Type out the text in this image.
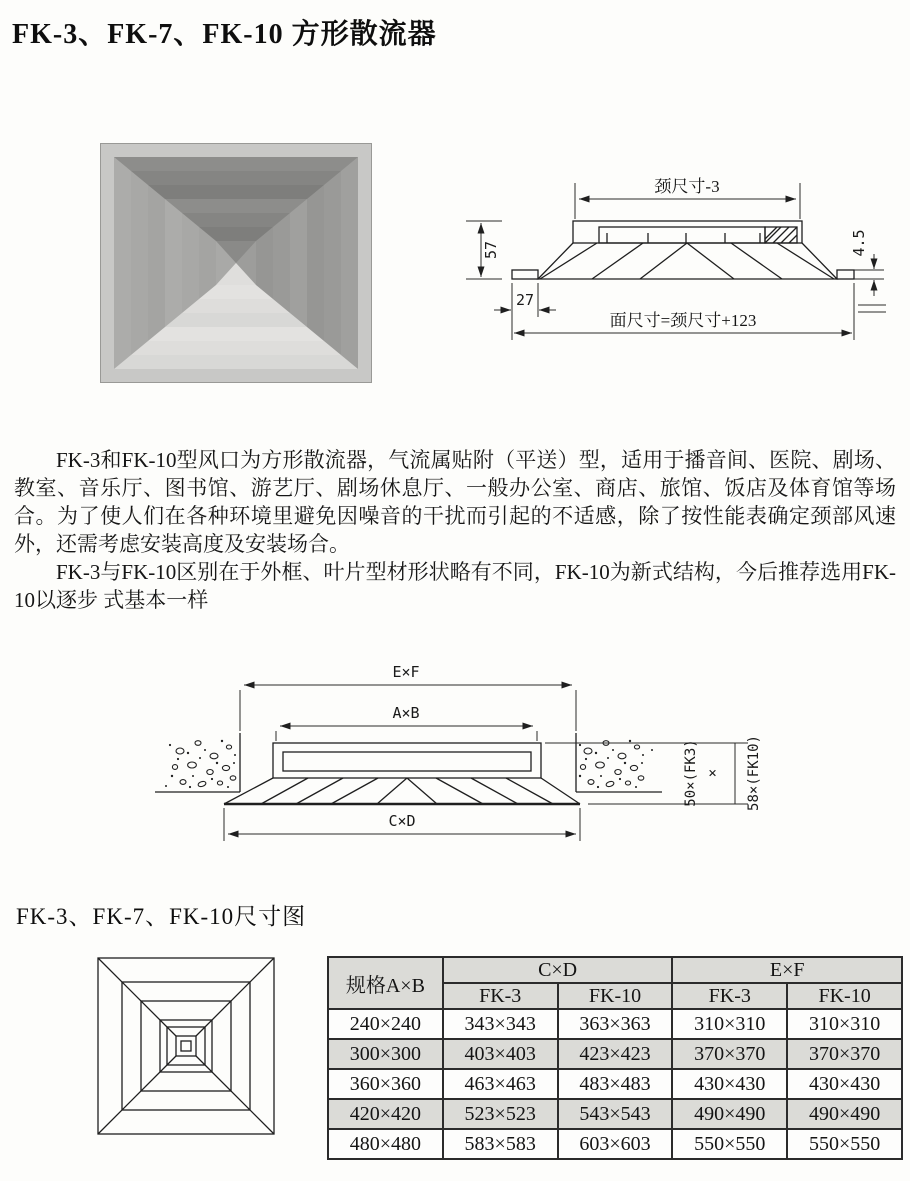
FK-3、FK-7、FK-10 方形散流器
颈尺寸-3
57
27
面尺寸=颈尺寸+123
4.5

FK-3和FK-10型风口为方形散流器，气流属贴附（平送）型，适用于播音间、医院、剧场、教室、音乐厅、图书馆、游艺厅、剧场休息厅、一般办公室、商店、旅馆、饭店及体育馆等场合。为了使人们在各种环境里避免因噪音的干扰而引起的不适感，除了按性能表确定颈部风速外，还需考虑安装高度及安装场合。

FK-3与FK-10区别在于外框、叶片型材形状略有不同，FK-10为新式结构，今后推荐选用FK-10以逐步 式基本一样

E×F
A×B
C×D
50×(FK3) × 58×(FK10)
FK-3、FK-7、FK-10尺寸图
规格A×B	C×D		E×F	
	FK-3	FK-10	FK-3	FK-10
240×240	343×343	363×363	310×310	310×310
300×300	403×403	423×423	370×370	370×370
360×360	463×463	483×483	430×430	430×430
420×420	523×523	543×543	490×490	490×490
480×480	583×583	603×603	550×550	550×550
